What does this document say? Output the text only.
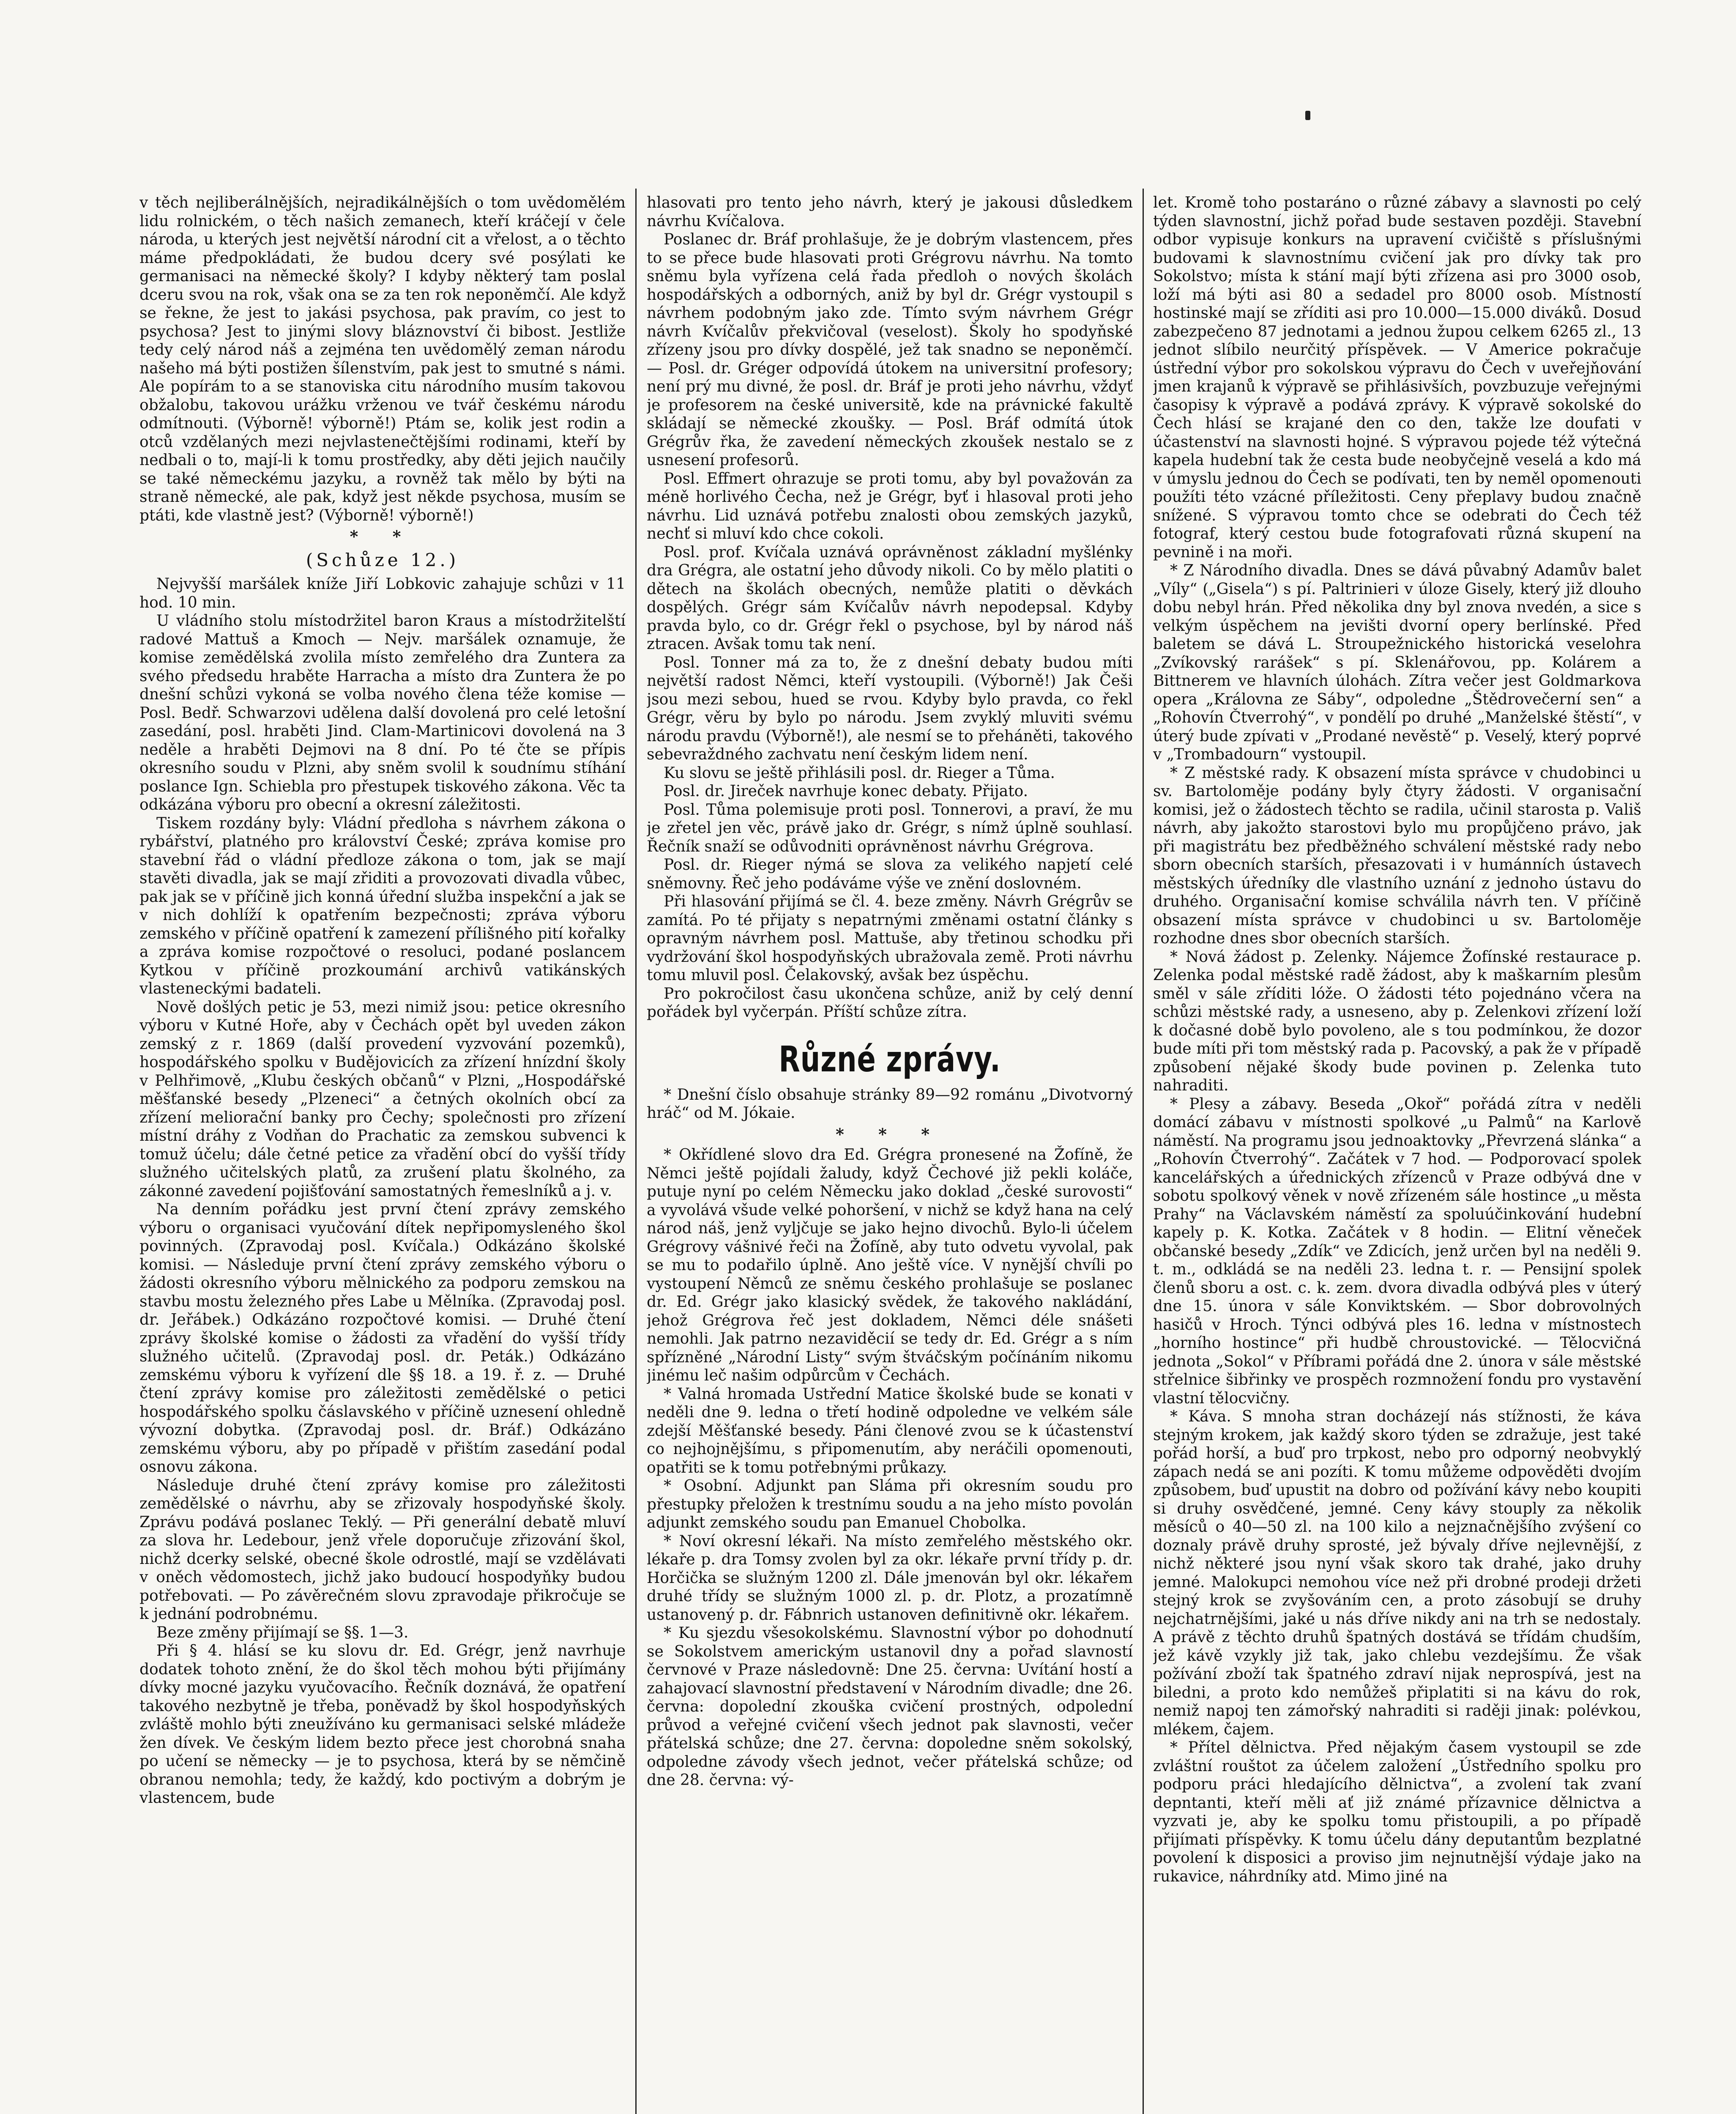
v těch nejliberálnějších, nejradikálnějších o tom uvědomělém lidu rolnickém, o těch našich zemanech, kteří kráčejí v čele národa, u kterých jest největší národní cit a vřelost, a o těchto máme předpokládati, že budou dcery své posýlati ke germanisaci na německé školy? I kdyby některý tam poslal dceru svou na rok, však ona se za ten rok neponěmčí. Ale když se řekne, že jest to jakási psychosa, pak pravím, co jest to psychosa? Jest to jinými slovy bláznovství či bibost. Jestliže tedy celý národ náš a zejména ten uvědomělý zeman národu našeho má býti postižen šílenstvím, pak jest to smutné s námi. Ale popírám to a se stanoviska citu národního musím takovou obžalobu, takovou urážku vrženou ve tvář českému národu odmítnouti. (Výborně! výborně!) Ptám se, kolik jest rodin a otců vzdělaných mezi nejvlastenečtějšími rodinami, kteří by nedbali o to, mají-li k tomu prostředky, aby děti jejich naučily se také německému jazyku, a rovněž tak mělo by býti na straně německé, ale pak, když jest někde psychosa, musím se ptáti, kde vlastně jest? (Výborně! výborně!)

* *
(Schůze 12.)

Nejvyšší maršálek kníže Jiří Lobkovic zahajuje schůzi v 11 hod. 10 min.

U vládního stolu místodržitel baron Kraus a místodržitelští radové Mattuš a Kmoch — Nejv. maršálek oznamuje, že komise zemědělská zvolila místo zemřelého dra Zuntera za svého předsedu hraběte Harracha a místo dra Zuntera že po dnešní schůzi vykoná se volba nového člena téže komise — Posl. Bedř. Schwarzovi udělena další dovolená pro celé letošní zasedání, posl. hraběti Jind. Clam-Martinicovi dovolená na 3 neděle a hraběti Dejmovi na 8 dní. Po té čte se přípis okresního soudu v Plzni, aby sněm svolil k soudnímu stíhání poslance Ign. Schiebla pro přestupek tiskového zákona. Věc ta odkázána výboru pro obecní a okresní záležitosti.

Tiskem rozdány byly: Vládní předloha s návrhem zákona o rybářství, platného pro království České; zpráva komise pro stavební řád o vládní předloze zákona o tom, jak se mají stavěti divadla, jak se mají zřiditi a provozovati divadla vůbec, pak jak se v příčině jich konná úřední služba inspekční a jak se v nich dohlíží k opatřením bezpečnosti; zpráva výboru zemského v příčině opatření k zamezení přílišného pití kořalky a zpráva komise rozpočtové o resoluci, podané poslancem Kytkou v příčině prozkoumání archivů vatikánských vlasteneckými badateli.

Nově došlých petic je 53, mezi nimiž jsou: petice okresního výboru v Kutné Hoře, aby v Čechách opět byl uveden zákon zemský z r. 1869 (další provedení vyzvování pozemků), hospodářského spolku v Budějovicích za zřízení hnízdní školy v Pelhřimově, „Klubu českých občanů“ v Plzni, „Hospodářské měšťanské besedy „Plzeneci“ a četných okolních obcí za zřízení meliorační banky pro Čechy; společnosti pro zřízení místní dráhy z Vodňan do Prachatic za zemskou subvenci k tomuž účelu; dále četné petice za vřadění obcí do vyšší třídy služného učitelských platů, za zrušení platu školného, za zákonné zavedení pojišťování samostatných řemeslníků a j. v.

Na denním pořádku jest první čtení zprávy zemského výboru o organisaci vyučování dítek nepřipomysleného škol povinných. (Zpravodaj posl. Kvíčala.) Odkázáno školské komisi. — Následuje první čtení zprávy zemského výboru o žádosti okresního výboru mělnického za podporu zemskou na stavbu mostu železného přes Labe u Mělníka. (Zpravodaj posl. dr. Jeřábek.) Odkázáno rozpočtové komisi. — Druhé čtení zprávy školské komise o žádosti za vřadění do vyšší třídy služného učitelů. (Zpravodaj posl. dr. Peták.) Odkázáno zemskému výboru k vyřízení dle §§ 18. a 19. ř. z. — Druhé čtení zprávy komise pro záležitosti zemědělské o petici hospodářského spolku čáslavského v příčině uznesení ohledně vývozní dobytka. (Zpravodaj posl. dr. Bráf.) Odkázáno zemskému výboru, aby po případě v přištím zasedání podal osnovu zákona.

Následuje druhé čtení zprávy komise pro záležitosti zemědělské o návrhu, aby se zřizovaly hospodyňské školy. Zprávu podává poslanec Teklý. — Při generální debatě mluví za slova hr. Ledebour, jenž vřele doporučuje zřizování škol, nichž dcerky selské, obecné škole odrostlé, mají se vzdělávati v oněch vědomostech, jichž jako budoucí hospodyňky budou potřebovati. — Po závěrečném slovu zpravodaje přikročuje se k jednání podrobnému.

Beze změny přijímají se §§. 1—3.

Při § 4. hlásí se ku slovu dr. Ed. Grégr, jenž navrhuje dodatek tohoto znění, že do škol těch mohou býti přijímány dívky mocné jazyku vyučovacího. Řečník doznává, že opatření takového nezbytně je třeba, poněvadž by škol hospodyňských zvláště mohlo býti zneužíváno ku germanisaci selské mládeže žen dívek. Ve českým lidem bezto přece jest chorobná snaha po učení se německy — je to psychosa, která by se němčině obranou nemohla; tedy, že každý, kdo poctivým a dobrým je vlastencem, bude

hlasovati pro tento jeho návrh, který je jakousi důsledkem návrhu Kvíčalova.

Poslanec dr. Bráf prohlašuje, že je dobrým vlastencem, přes to se přece bude hlasovati proti Grégrovu návrhu. Na tomto sněmu byla vyřízena celá řada předloh o nových školách hospodářských a odborných, aniž by byl dr. Grégr vystoupil s návrhem podobným jako zde. Tímto svým návrhem Grégr návrh Kvíčalův překvičoval (veselost). Školy ho spodyňské zřízeny jsou pro dívky dospělé, jež tak snadno se neponěmčí. — Posl. dr. Gréger odpovídá útokem na universitní profesory; není prý mu divné, že posl. dr. Bráf je proti jeho návrhu, vždyť je profesorem na české universitě, kde na právnické fakultě skládají se německé zkoušky. — Posl. Bráf odmítá útok Grégrův řka, že zavedení německých zkoušek nestalo se z usnesení profesorů.

Posl. Effmert ohrazuje se proti tomu, aby byl považován za méně horlivého Čecha, než je Grégr, byť i hlasoval proti jeho návrhu. Lid uznává potřebu znalosti obou zemských jazyků, nechť si mluví kdo chce cokoli.

Posl. prof. Kvíčala uznává oprávněnost základní myšlénky dra Grégra, ale ostatní jeho důvody nikoli. Co by mělo platiti o dětech na školách obecných, nemůže platiti o děvkách dospělých. Grégr sám Kvíčalův návrh nepodepsal. Kdyby pravda bylo, co dr. Grégr řekl o psychose, byl by národ náš ztracen. Avšak tomu tak není.

Posl. Tonner má za to, že z dnešní debaty budou míti největší radost Němci, kteří vystoupili. (Výborně!) Jak Češi jsou mezi sebou, hued se rvou. Kdyby bylo pravda, co řekl Grégr, věru by bylo po národu. Jsem zvyklý mluviti svému národu pravdu (Výborně!), ale nesmí se to přeháněti, takového sebevraždného zachvatu není českým lidem není.

Ku slovu se ještě přihlásili posl. dr. Rieger a Tůma.

Posl. dr. Jireček navrhuje konec debaty. Přijato.

Posl. Tůma polemisuje proti posl. Tonnerovi, a praví, že mu je zřetel jen věc, právě jako dr. Grégr, s nímž úplně souhlasí. Řečník snaží se odůvodniti oprávněnost návrhu Grégrova.

Posl. dr. Rieger nýmá se slova za velikého napjetí celé sněmovny. Řeč jeho podáváme výše ve znění doslovném.

Při hlasování přijímá se čl. 4. beze změny. Návrh Grégrův se zamítá. Po té přijaty s nepatrnými změnami ostatní články s opravným návrhem posl. Mattuše, aby třetinou schodku při vydržování škol hospodyňských ubražovala země. Proti návrhu tomu mluvil posl. Čelakovský, avšak bez úspěchu.

Pro pokročilost času ukončena schůze, aniž by celý denní pořádek byl vyčerpán. Příští schůze zítra.

Různé zprávy.

* Dnešní číslo obsahuje stránky 89—92 románu „Divotvorný hráč“ od M. Jókaie.

* * *

* Okřídlené slovo dra Ed. Grégra pronesené na Žofíně, že Němci ještě pojídali žaludy, když Čechové již pekli koláče, putuje nyní po celém Německu jako doklad „české surovosti“ a vyvolává všude velké pohoršení, v nichž se když hana na celý národ náš, jenž vyljčuje se jako hejno divochů. Bylo-li účelem Grégrovy vášnivé řeči na Žofíně, aby tuto odvetu vyvolal, pak se mu to podařilo úplně. Ano ještě více. V nynější chvíli po vystoupení Němců ze sněmu českého prohlašuje se poslanec dr. Ed. Grégr jako klasický svědek, že takového nakládání, jehož Grégrova řeč jest dokladem, Němci déle snášeti nemohli. Jak patrno nezaviděcií se tedy dr. Ed. Grégr a s ním spřízněné „Národní Listy“ svým štváčským počínáním nikomu jinému leč našim odpůrcům v Čechách.

* Valná hromada Ustřední Matice školské bude se konati v neděli dne 9. ledna o třetí hodině odpoledne ve velkém sále zdejší Měšťanské besedy. Páni členové zvou se k účastenství co nejhojnějšímu, s připomenutím, aby neráčili opomenouti, opatřiti se k tomu potřebnými průkazy.

* Osobní. Adjunkt pan Sláma při okresním soudu pro přestupky přeložen k trestnímu soudu a na jeho místo povolán adjunkt zemského soudu pan Emanuel Chobolka.

* Noví okresní lékaři. Na místo zemřelého městského okr. lékaře p. dra Tomsy zvolen byl za okr. lékaře první třídy p. dr. Horčička se služným 1200 zl. Dále jmenován byl okr. lékařem druhé třídy se služným 1000 zl. p. dr. Plotz, a prozatímně ustanovený p. dr. Fábnrich ustanoven definitivně okr. lékařem.

* Ku sjezdu všesokolskému. Slavnostní výbor po dohodnutí se Sokolstvem americkým ustanovil dny a pořad slavností červnové v Praze následovně: Dne 25. června: Uvítání hostí a zahajovací slavnostní představení v Národním divadle; dne 26. června: dopolední zkouška cvičení prostných, odpolední průvod a veřejné cvičení všech jednot pak slavnosti, večer přátelská schůze; dne 27. června: dopoledne sněm sokolský, odpoledne závody všech jednot, večer přátelská schůze; od dne 28. června: vý-

let. Kromě toho postaráno o různé zábavy a slavnosti po celý týden slavnostní, jichž pořad bude sestaven později. Stavební odbor vypisuje konkurs na upravení cvičiště s příslušnými budovami k slavnostnímu cvičení jak pro dívky tak pro Sokolstvo; místa k stání mají býti zřízena asi pro 3000 osob, loží má býti asi 80 a sedadel pro 8000 osob. Místností hostinské mají se zříditi asi pro 10.000—15.000 diváků. Dosud zabezpečeno 87 jednotami a jednou župou celkem 6265 zl., 13 jednot slíbilo neurčitý příspěvek. — V Americe pokračuje ústřední výbor pro sokolskou výpravu do Čech v uveřejňování jmen krajanů k výpravě se přihlásivších, povzbuzuje veřejnými časopisy k výpravě a podává zprávy. K výpravě sokolské do Čech hlásí se krajané den co den, takže lze doufati v účastenství na slavnosti hojné. S výpravou pojede též výtečná kapela hudební tak že cesta bude neobyčejně veselá a kdo má v úmyslu jednou do Čech se podívati, ten by neměl opomenouti použíti této vzácné příležitosti. Ceny přeplavy budou značně snížené. S výpravou tomto chce se odebrati do Čech též fotograf, který cestou bude fotografovati různá skupení na pevnině i na moři.

* Z Národního divadla. Dnes se dává půvabný Adamův balet „Víly“ („Gisela“) s pí. Paltrinieri v úloze Gisely, který již dlouho dobu nebyl hrán. Před několika dny byl znova nvedén, a sice s velkým úspěchem na jevišti dvorní opery berlínské. Před baletem se dává L. Stroupežnického historická veselohra „Zvíkovský rarášek“ s pí. Sklenářovou, pp. Kolárem a Bittnerem ve hlavních úlohách. Zítra večer jest Goldmarkova opera „Královna ze Sáby“, odpoledne „Štědrovečerní sen“ a „Rohovín Čtverrohý“, v pondělí po druhé „Manželské štěstí“, v úterý bude zpívati v „Prodané nevěstě“ p. Veselý, který poprvé v „Trombadourn“ vystoupil.

* Z městské rady. K obsazení místa správce v chudobinci u sv. Bartoloměje podány byly čtyry žádosti. V organisační komisi, jež o žádostech těchto se radila, učinil starosta p. Vališ návrh, aby jakožto starostovi bylo mu propůjčeno právo, jak při magistrátu bez předběžného schválení městské rady nebo sborn obecních starších, přesazovati i v humánních ústavech městských úředníky dle vlastního uznání z jednoho ústavu do druhého. Organisační komise schválila návrh ten. V příčině obsazení místa správce v chudobinci u sv. Bartoloměje rozhodne dnes sbor obecních starších.

* Nová žádost p. Zelenky. Nájemce Žofínské restaurace p. Zelenka podal městské radě žádost, aby k maškarním plesům směl v sále zříditi lóže. O žádosti této pojednáno včera na schůzi městské rady, a usneseno, aby p. Zelenkovi zřízení loží k dočasné době bylo povoleno, ale s tou podmínkou, že dozor bude míti při tom městský rada p. Pacovský, a pak že v případě způsobení nějaké škody bude povinen p. Zelenka tuto nahraditi.

* Plesy a zábavy. Beseda „Okoř“ pořádá zítra v neděli domácí zábavu v místnosti spolkové „u Palmů“ na Karlově náměstí. Na programu jsou jednoaktovky „Převrzená slánka“ a „Rohovín Čtverrohý“. Začátek v 7 hod. — Podporovací spolek kancelářských a úřednických zřízenců v Praze odbývá dne v sobotu spolkový věnek v nově zřízeném sále hostince „u města Prahy“ na Václavském náměstí za spoluúčinkování hudební kapely p. K. Kotka. Začátek v 8 hodin. — Elitní věneček občanské besedy „Zdík“ ve Zdicích, jenž určen byl na neděli 9. t. m., odkládá se na neděli 23. ledna t. r. — Pensijní spolek členů sboru a ost. c. k. zem. dvora divadla odbývá ples v úterý dne 15. února v sále Konviktském. — Sbor dobrovolných hasičů v Hroch. Týnci odbývá ples 16. ledna v místnostech „horního hostince“ při hudbě chroustovické. — Tělocvičná jednota „Sokol“ v Příbrami pořádá dne 2. února v sále městské střelnice šibřinky ve prospěch rozmnožení fondu pro vystavění vlastní tělocvičny.

* Káva. S mnoha stran docházejí nás stížnosti, že káva stejným krokem, jak každý skoro týden se zdražuje, jest také pořád horší, a buď pro trpkost, nebo pro odporný neobvyklý zápach nedá se ani pozíti. K tomu můžeme odpověděti dvojím způsobem, buď upustit na dobro od požívání kávy nebo koupiti si druhy osvědčené, jemné. Ceny kávy stouply za několik měsíců o 40—50 zl. na 100 kilo a nejznačnějšího zvýšení co doznaly právě druhy sprosté, jež bývaly dříve nejlevnější, z nichž některé jsou nyní však skoro tak drahé, jako druhy jemné. Malokupci nemohou více než při drobné prodeji držeti stejný krok se zvyšováním cen, a proto zásobují se druhy nejchatrnějšími, jaké u nás dříve nikdy ani na trh se nedostaly. A právě z těchto druhů špatných dostává se třídám chudším, jež kávě vzykly již tak, jako chlebu vezdejšímu. Že však požívání zboží tak špatného zdraví nijak neprospívá, jest na biledni, a proto kdo nemůžeš připlatiti si na kávu do rok, nemiž napoj ten zámořský nahraditi si raději jinak: polévkou, mlékem, čajem.

* Přítel dělnictva. Před nějakým časem vystoupil se zde zvláštní rouštot za účelem založení „Ústředního spolku pro podporu práci hledajícího dělnictva“, a zvolení tak zvaní depntanti, kteří měli ať již známé přízavnice dělnictva a vyzvati je, aby ke spolku tomu přistoupili, a po případě přijímati příspěvky. K tomu účelu dány deputantům bezplatné povolení k disposici a proviso jim nejnutnější výdaje jako na rukavice, náhrdníky atd. Mimo jiné na
